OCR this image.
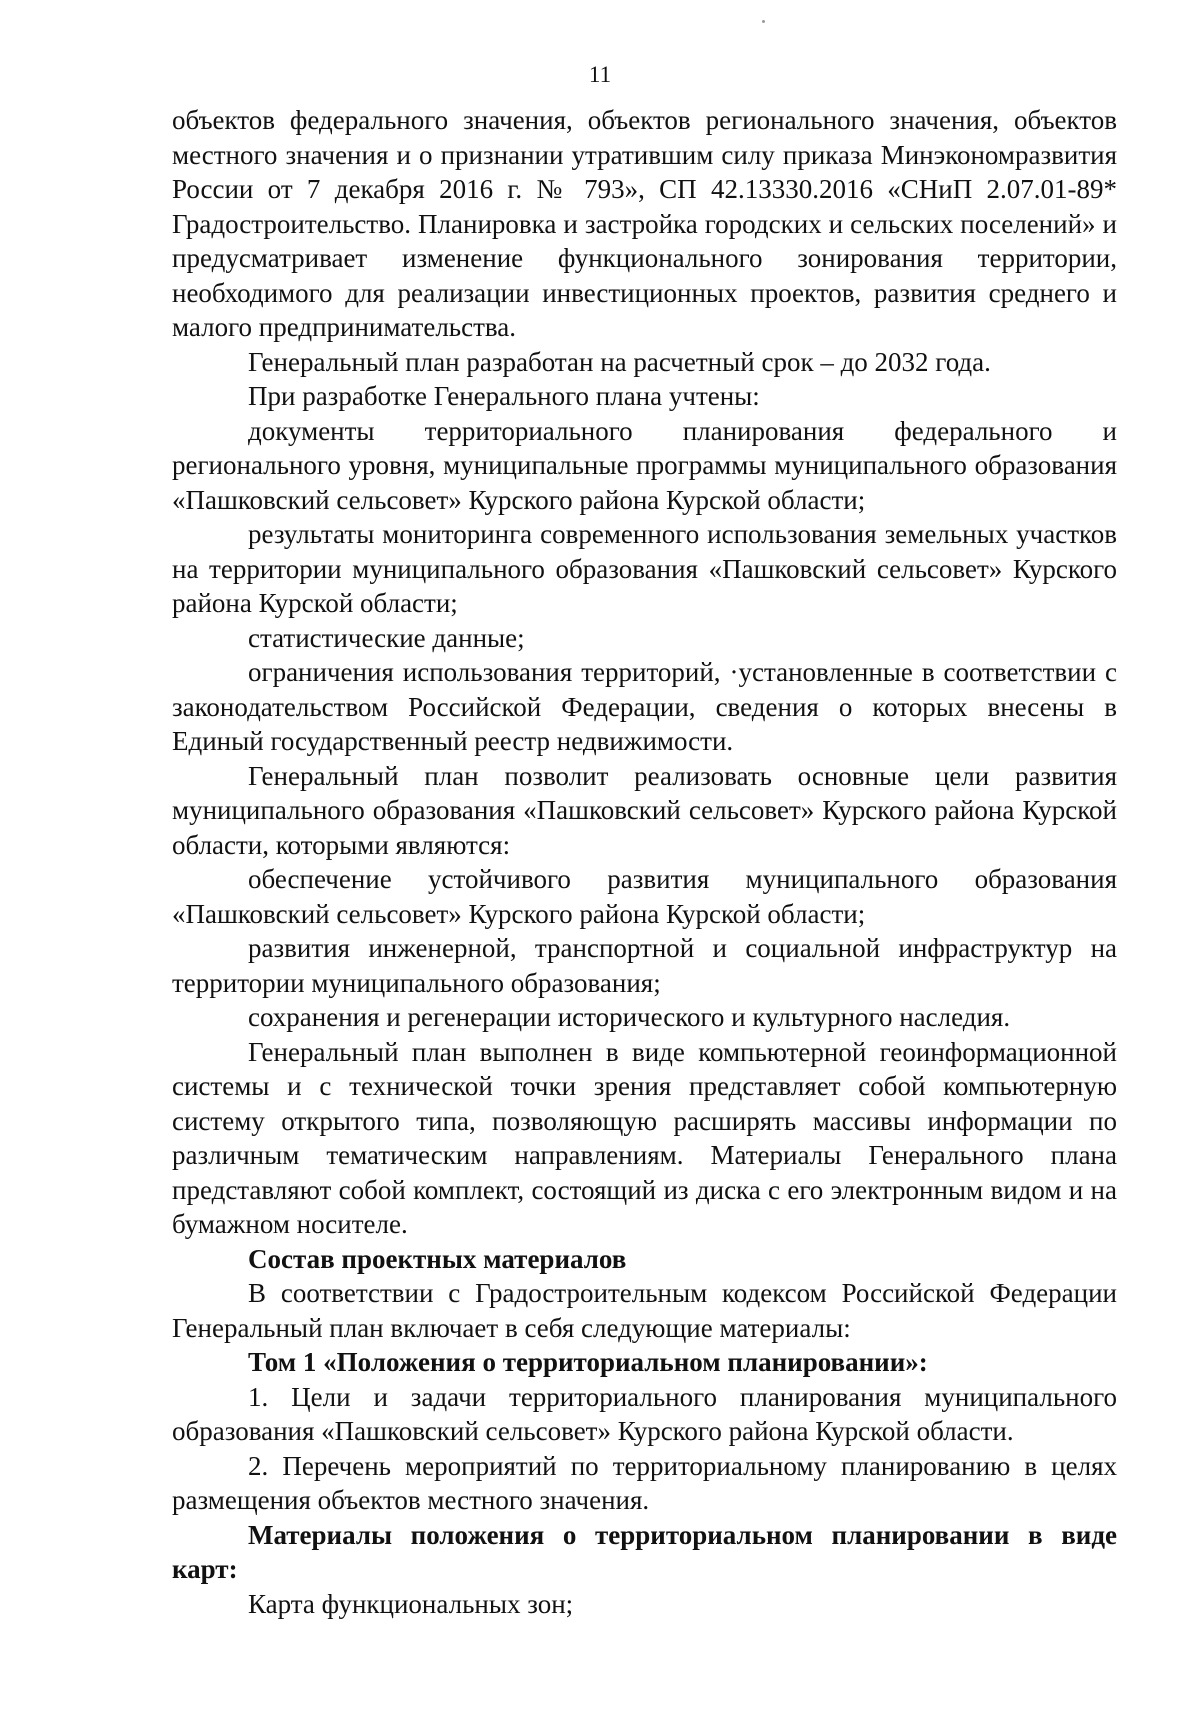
11

объектов федерального значения, объектов регионального значения, объектов местного значения и о признании утратившим силу приказа Минэкономразвития России от 7 декабря 2016 г. № 793», СП 42.13330.2016 «СНиП 2.07.01-89* Градостроительство. Планировка и застройка городских и сельских поселений» и предусматривает изменение функционального зонирования территории, необходимого для реализации инвестиционных проектов, развития среднего и малого предпринимательства.

Генеральный план разработан на расчетный срок – до 2032 года.

При разработке Генерального плана учтены:

документы территориального планирования федерального и регионального уровня, муниципальные программы муниципального образования «Пашковский сельсовет» Курского района Курской области;

результаты мониторинга современного использования земельных участков на территории муниципального образования «Пашковский сельсовет» Курского района Курской области;

статистические данные;

ограничения использования территорий, ·установленные в соответствии с законодательством Российской Федерации, сведения о которых внесены в Единый государственный реестр недвижимости.

Генеральный план позволит реализовать основные цели развития муниципального образования «Пашковский сельсовет» Курского района Курской области, которыми являются:

обеспечение устойчивого развития муниципального образования «Пашковский сельсовет» Курского района Курской области;

развития инженерной, транспортной и социальной инфраструктур на территории муниципального образования;

сохранения и регенерации исторического и культурного наследия.

Генеральный план выполнен в виде компьютерной геоинформационной системы и с технической точки зрения представляет собой компьютерную систему открытого типа, позволяющую расширять массивы информации по различным тематическим направлениям. Материалы Генерального плана представляют собой комплект, состоящий из диска с его электронным видом и на бумажном носителе.

Состав проектных материалов

В соответствии с Градостроительным кодексом Российской Федерации Генеральный план включает в себя следующие материалы:

Том 1 «Положения о территориальном планировании»:

1. Цели и задачи территориального планирования муниципального образования «Пашковский сельсовет» Курского района Курской области.

2. Перечень мероприятий по территориальному планированию в целях размещения объектов местного значения.

Материалы положения о территориальном планировании в виде карт:

Карта функциональных зон;
